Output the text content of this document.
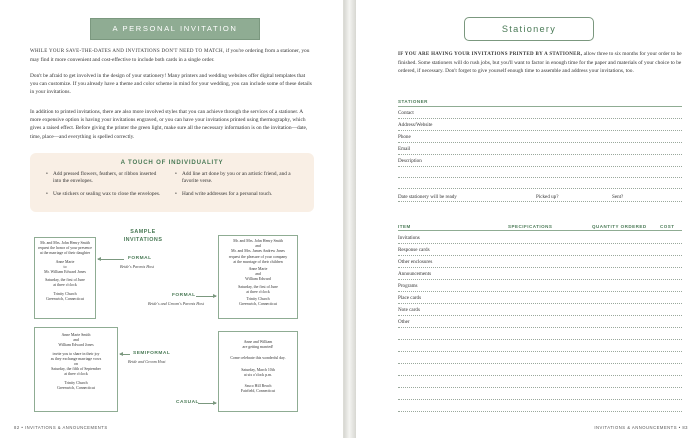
A PERSONAL INVITATION
WHILE YOUR SAVE-THE-DATES AND INVITATIONS DON'T NEED TO MATCH, if you're ordering from a stationer, you may find it more convenient and cost-effective to include both cards in a single order.
Don't be afraid to get involved in the design of your stationery! Many printers and wedding websites offer digital templates that you can customize. If you already have a theme and color scheme in mind for your wedding, you can include some of these details in your invitations.
In addition to printed invitations, there are also more involved styles that you can achieve through the services of a stationer. A more expensive option is having your invitations engraved, or you can have your invitations printed using thermography, which gives a raised effect. Before giving the printer the green light, make sure all the necessary information is on the invitation—date, time, place—and everything is spelled correctly.
A TOUCH OF INDIVIDUALITY
• Add pressed flowers, feathers, or ribbon inserted into the envelopes.
• Use stickers or sealing wax to close the envelopes.
• Add line art done by you or an artistic friend, and a favorite verse.
• Hand write addresses for a personal touch.
SAMPLE
INVITATIONS
Mr. and Mrs. John Henry Smith
request the honor of your presence
at the marriage of their daughter
Anne Marie
to
Mr. William Edward Jones
Saturday, the first of June
at three o'clock
Trinity Church
Greenwich, Connecticut
FORMAL
Bride's Parents Host
Mr. and Mrs. John Henry Smith
and
Mr. and Mrs. James Andrew Jones
request the pleasure of your company
at the marriage of their children
Anne Marie
and
William Edward
Saturday, the first of June
at three o'clock
Trinity Church
Greenwich, Connecticut
FORMAL
Bride's and Groom's Parents Host
Anne Marie Smith
and
William Edward Jones
invite you to share in their joy
as they exchange marriage vows
on
Saturday, the fifth of September
at three o'clock
Trinity Church
Greenwich, Connecticut
SEMIFORMAL
Bride and Groom Host
Anne and William
are getting married!
Come celebrate this wonderful day.
Saturday, March 10th
at six o'clock p.m.
Sasco Hill Beach
Fairfield, Connecticut
CASUAL
82 • INVITATIONS & ANNOUNCEMENTS
Stationery
IF YOU ARE HAVING YOUR INVITATIONS PRINTED BY A STATIONER, allow three to six months for your order to be finished. Some stationers will do rush jobs, but you'll want to factor in enough time for the paper and materials of your choice to be ordered, if necessary. Don't forget to give yourself enough time to assemble and address your invitations, too.
STATIONER
Contact
Address/Website
Phone
Email
Description
Date stationery will be ready	Picked up?	Sent?
ITEM	SPECIFICATIONS	QUANTITY ORDERED	COST
Invitations
Response cards
Other enclosures
Announcements
Programs
Place cards
Note cards
Other
INVITATIONS & ANNOUNCEMENTS • 83
